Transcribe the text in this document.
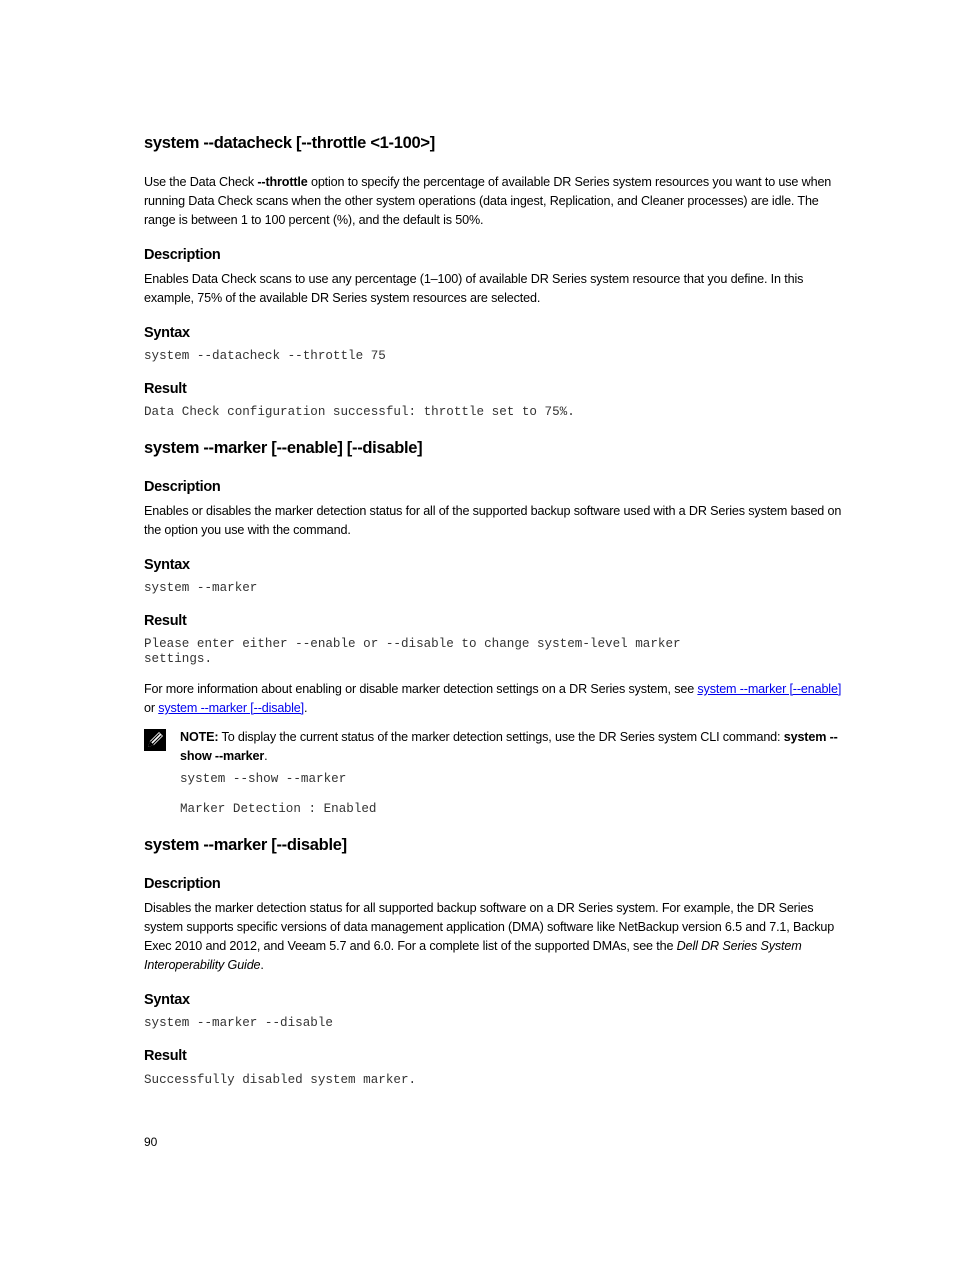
system --datacheck [--throttle <1-100>]
Use the Data Check --throttle option to specify the percentage of available DR Series system resources you want to use when running Data Check scans when the other system operations (data ingest, Replication, and Cleaner processes) are idle. The range is between 1 to 100 percent (%), and the default is 50%.
Description
Enables Data Check scans to use any percentage (1–100) of available DR Series system resource that you define. In this example, 75% of the available DR Series system resources are selected.
Syntax
system --datacheck --throttle 75
Result
Data Check configuration successful: throttle set to 75%.
system --marker [--enable] [--disable]
Description
Enables or disables the marker detection status for all of the supported backup software used with a DR Series system based on the option you use with the command.
Syntax
system --marker
Result
Please enter either --enable or --disable to change system-level marker
settings.
For more information about enabling or disable marker detection settings on a DR Series system, see system --marker [--enable] or system --marker [--disable].
NOTE: To display the current status of the marker detection settings, use the DR Series system CLI command: system --show --marker.
system --show --marker
Marker Detection : Enabled
system --marker [--disable]
Description
Disables the marker detection status for all supported backup software on a DR Series system. For example, the DR Series system supports specific versions of data management application (DMA) software like NetBackup version 6.5 and 7.1, Backup Exec 2010 and 2012, and Veeam 5.7 and 6.0. For a complete list of the supported DMAs, see the Dell DR Series System Interoperability Guide.
Syntax
system --marker --disable
Result
Successfully disabled system marker.
90
